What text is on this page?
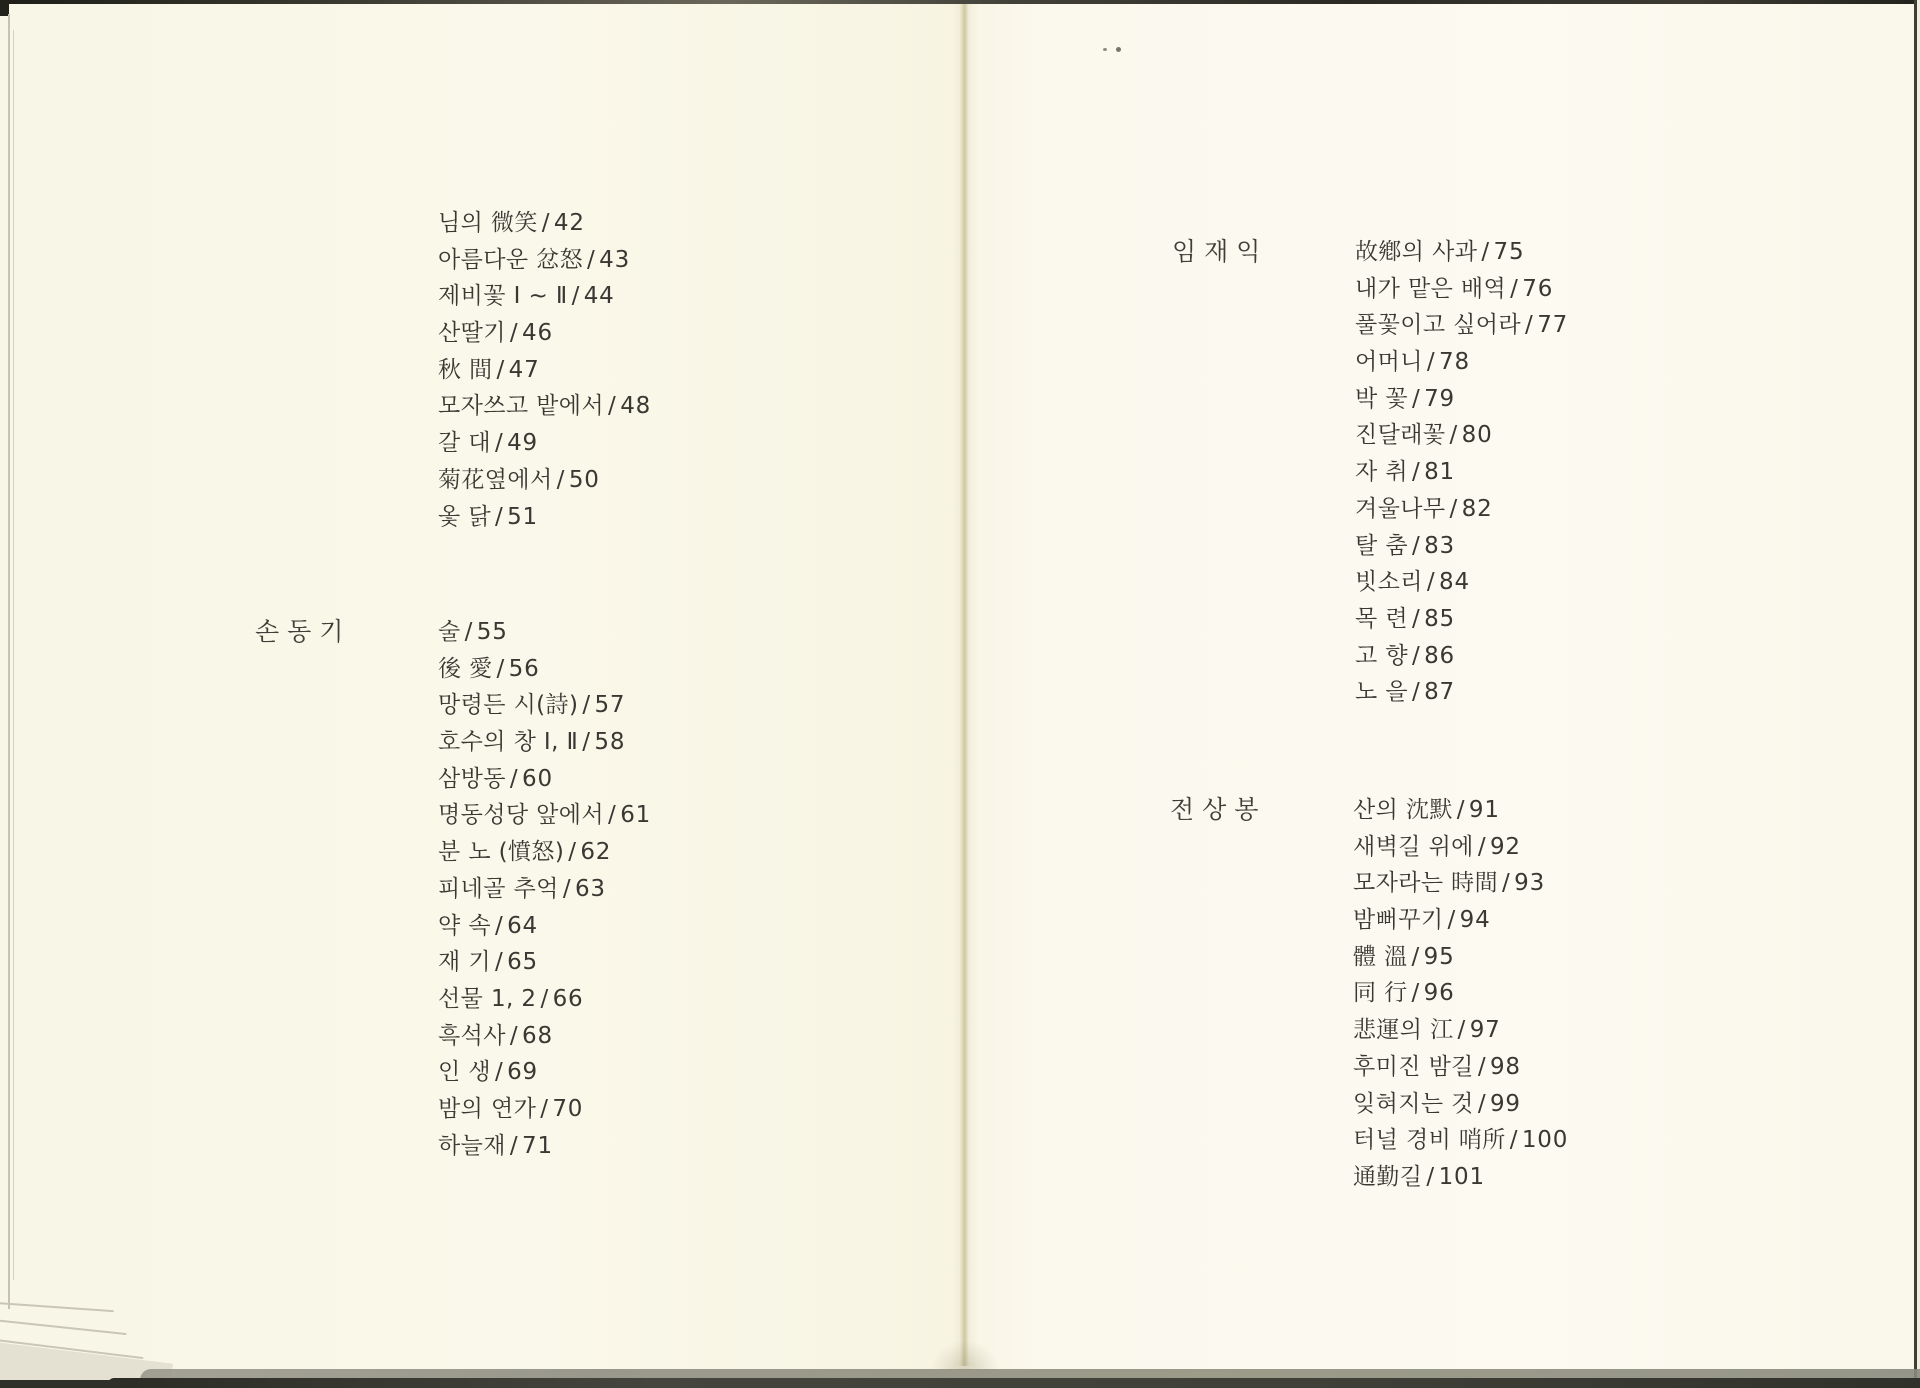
님의 微笑 / 42
아름다운 忿怒 / 43
제비꽃 Ⅰ ~ Ⅱ / 44
산딸기 / 46
秋 間 / 47
모자쓰고 밭에서 / 48
갈 대 / 49
菊花옆에서 / 50
옻 닭 / 51
손동기	술 / 55
後 愛 / 56
망령든 시(詩) / 57
호수의 창 Ⅰ, Ⅱ / 58
삼방동 / 60
명동성당 앞에서 / 61
분 노 (憤怒) / 62
피네골 추억 / 63
약 속 / 64
재 기 / 65
선물 1, 2 / 66
흑석사 / 68
인 생 / 69
밤의 연가 / 70
하늘재 / 71
임재익	故鄕의 사과 / 75
내가 맡은 배역 / 76
풀꽃이고 싶어라 / 77
어머니 / 78
박 꽃 / 79
진달래꽃 / 80
자 취 / 81
겨울나무 / 82
탈 춤 / 83
빗소리 / 84
목 련 / 85
고 향 / 86
노 을 / 87
전상봉	산의 沈默 / 91
새벽길 위에 / 92
모자라는 時間 / 93
밤뻐꾸기 / 94
體 溫 / 95
同 行 / 96
悲運의 江 / 97
후미진 밤길 / 98
잊혀지는 것 / 99
터널 경비 哨所 / 100
通勤길 / 101
